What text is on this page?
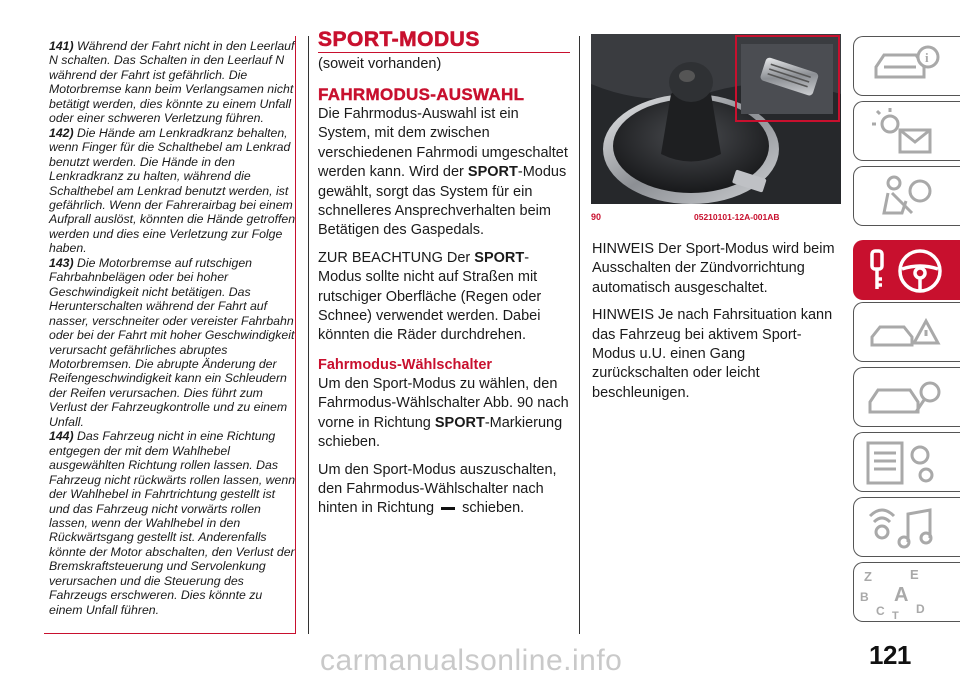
141) Während der Fahrt nicht in den Leerlauf N schalten. Das Schalten in den Leerlauf N während der Fahrt ist gefährlich. Die Motorbremse kann beim Verlangsamen nicht betätigt werden, dies könnte zu einem Unfall oder einer schweren Verletzung führen.
142) Die Hände am Lenkradkranz behalten, wenn Finger für die Schalthebel am Lenkrad benutzt werden. Die Hände in den Lenkradkranz zu halten, während die Schalthebel am Lenkrad benutzt werden, ist gefährlich. Wenn der Fahrerairbag bei einem Aufprall auslöst, könnten die Hände getroffen werden und dies eine Verletzung zur Folge haben.
143) Die Motorbremse auf rutschigen Fahrbahnbelägen oder bei hoher Geschwindigkeit nicht betätigen. Das Herunterschalten während der Fahrt auf nasser, verschneiter oder vereister Fahrbahn oder bei der Fahrt mit hoher Geschwindigkeit verursacht gefährliches abruptes Motorbremsen. Die abrupte Änderung der Reifengeschwindigkeit kann ein Schleudern der Reifen verursachen. Dies führt zum Verlust der Fahrzeugkontrolle und zu einem Unfall.
144) Das Fahrzeug nicht in eine Richtung entgegen der mit dem Wahlhebel ausgewählten Richtung rollen lassen. Das Fahrzeug nicht rückwärts rollen lassen, wenn der Wahlhebel in Fahrtrichtung gestellt ist und das Fahrzeug nicht vorwärts rollen lassen, wenn der Wahlhebel in den Rückwärtsgang gestellt ist. Anderenfalls könnte der Motor abschalten, den Verlust der Bremskraftsteuerung und Servolenkung verursachen und die Steuerung des Fahrzeugs erschweren. Dies könnte zu einem Unfall führen.
SPORT-MODUS
(soweit vorhanden)
FAHRMODUS-AUSWAHL

Die Fahrmodus-Auswahl ist ein System, mit dem zwischen verschiedenen Fahrmodi umgeschaltet werden kann. Wird der SPORT-Modus gewählt, sorgt das System für ein schnelleres Ansprechverhalten beim Betätigen des Gaspedals.

ZUR BEACHTUNG Der SPORT-Modus sollte nicht auf Straßen mit rutschiger Oberfläche (Regen oder Schnee) verwendet werden. Dabei könnten die Räder durchdrehen.

Fahrmodus-Wählschalter

Um den Sport-Modus zu wählen, den Fahrmodus-Wählschalter Abb. 90 nach vorne in Richtung SPORT-Markierung schieben.

Um den Sport-Modus auszuschalten, den Fahrmodus-Wählschalter nach hinten in Richtung  schieben.

90	05210101-12A-001AB

HINWEIS Der Sport-Modus wird beim Ausschalten der Zündvorrichtung automatisch ausgeschaltet.

HINWEIS Je nach Fahrsituation kann das Fahrzeug bei aktivem Sport-Modus u.U. einen Gang zurückschalten oder leicht beschleunigen.

i
Z	E
B A
C T D
121
carmanualsonline.info
